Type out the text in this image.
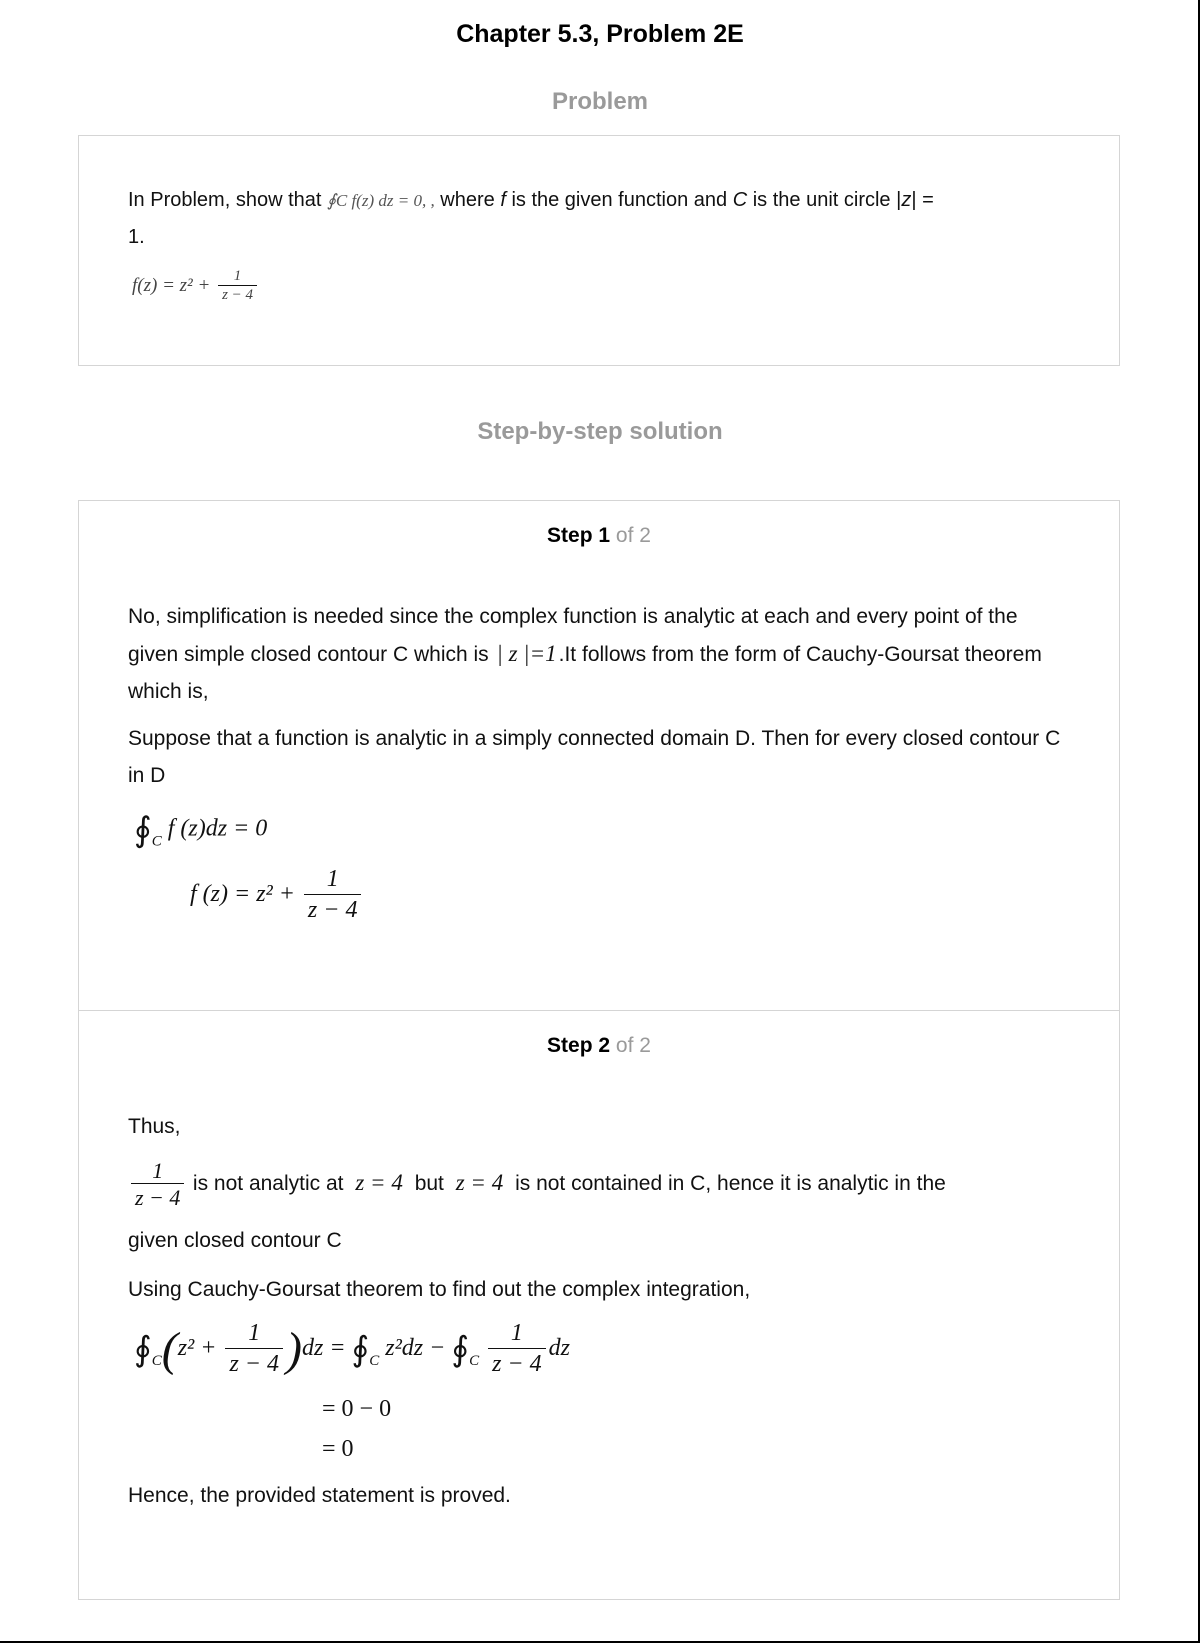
Chapter 5.3, Problem 2E
Problem
In Problem, show that ∮C f(z) dz = 0, , where f is the given function and C is the unit circle |z| =
1.
$f(z) = z^2 + \frac{1}{z - 4}$
Step-by-step solution
Step 1 of 2
No, simplification is needed since the complex function is analytic at each and every point of the given simple closed contour C which is | z |=1.It follows from the form of Cauchy-Goursat theorem which is,
Suppose that a function is analytic in a simply connected domain D. Then for every closed contour C in D
$∮_C$ f (z)dz = 0
f $(z) = z^2 + \frac{1}{z - 4}$
Step 2 of 2
Thus,
$\frac{1}{z - 4}$ is not analytic at z = 4 but z = 4 is not contained in C, hence it is analytic in the
given closed contour C
Using Cauchy-Goursat theorem to find out the complex integration,
$∮_C(z^2 + \frac{1}{z - 4} )dz$ = $∮_C$ $z^2dz - ∮_C \frac{1}{z - 4}$ dz
= 0 − 0
= 0
Hence, the provided statement is proved.
